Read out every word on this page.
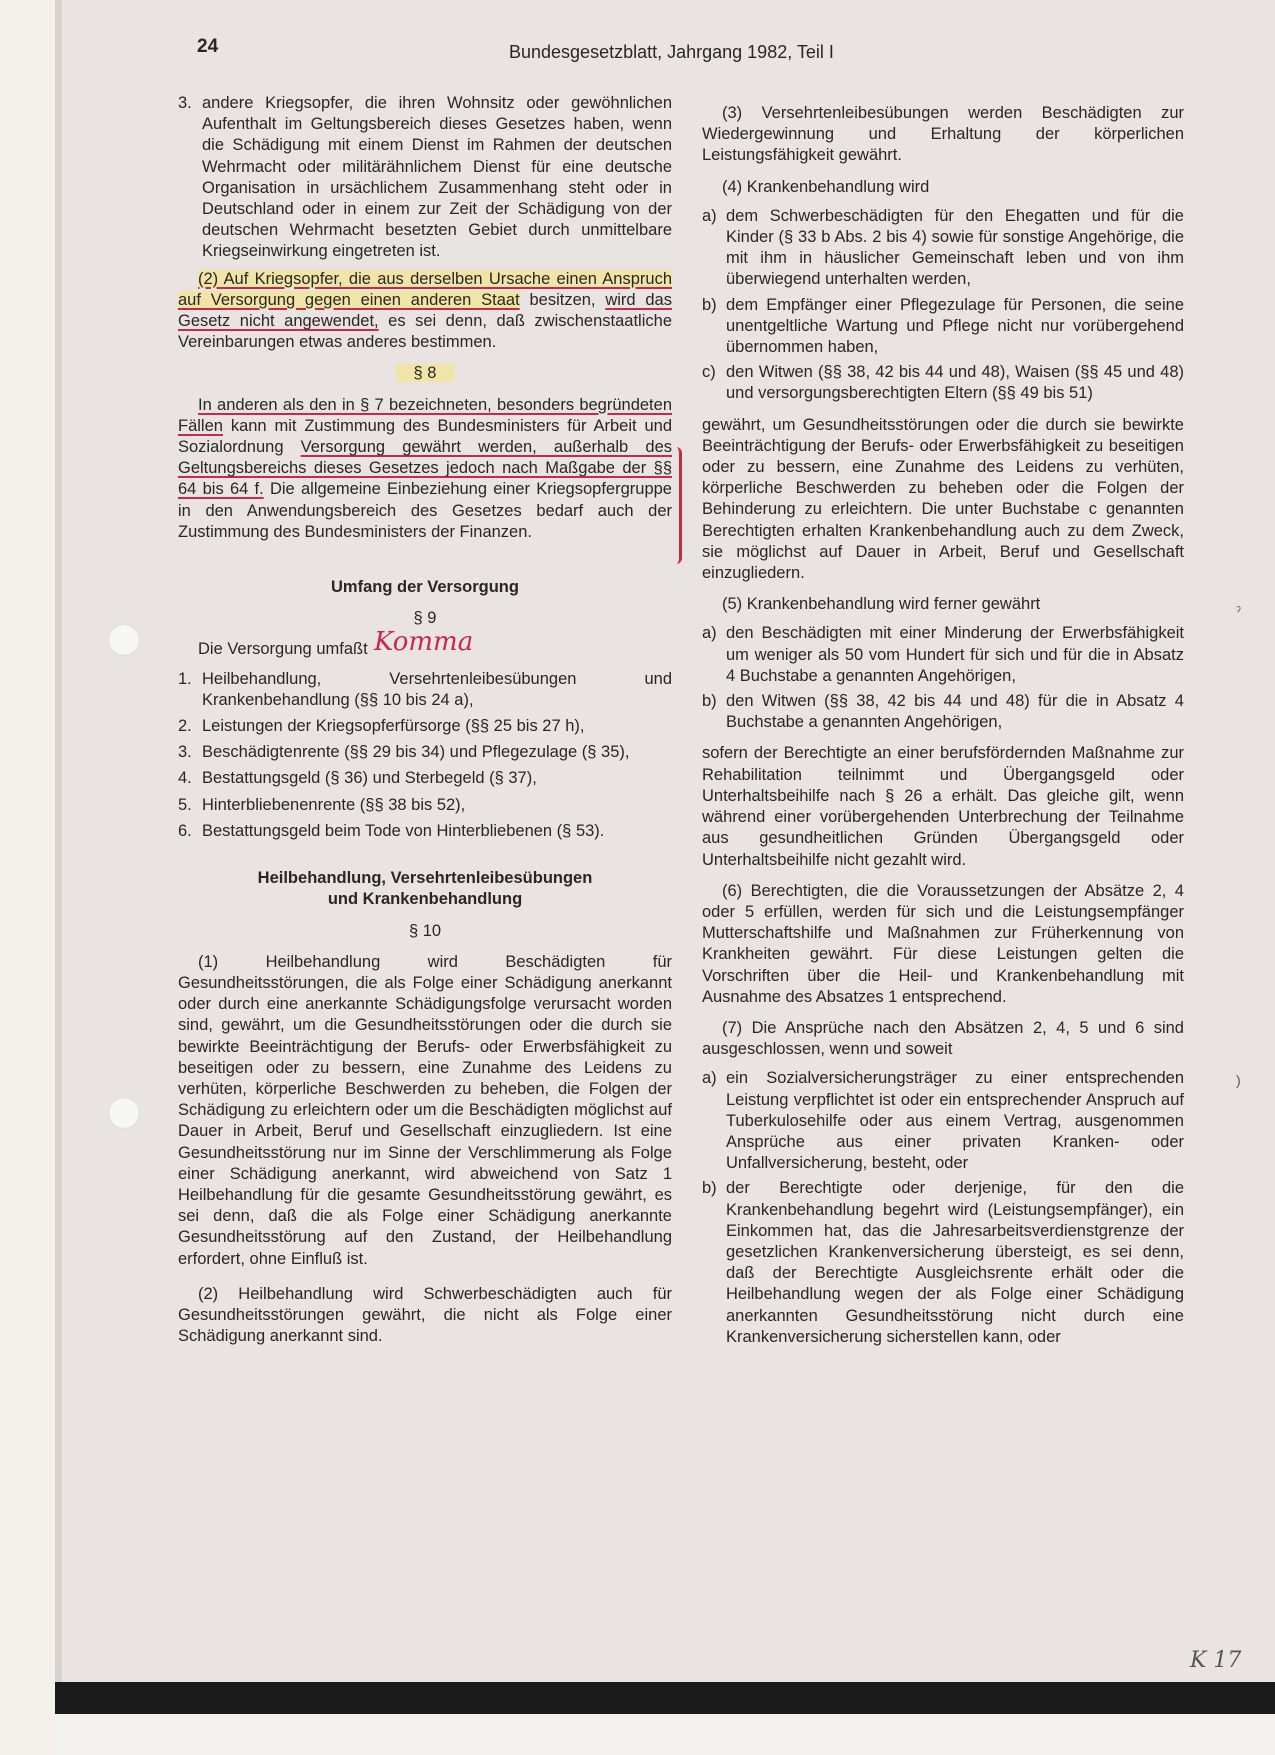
24	Bundesgesetzblatt, Jahrgang 1982, Teil I
3. andere Kriegsopfer, die ihren Wohnsitz oder gewöhnlichen Aufenthalt im Geltungsbereich dieses Gesetzes haben, wenn die Schädigung mit einem Dienst im Rahmen der deutschen Wehrmacht oder militärähnlichem Dienst für eine deutsche Organisation in ursächlichem Zusammenhang steht oder in Deutschland oder in einem zur Zeit der Schädigung von der deutschen Wehrmacht besetzten Gebiet durch unmittelbare Kriegseinwirkung eingetreten ist.

(2) Auf Kriegsopfer, die aus derselben Ursache einen Anspruch auf Versorgung gegen einen anderen Staat besitzen, wird das Gesetz nicht angewendet, es sei denn, daß zwischenstaatliche Vereinbarungen etwas anderes bestimmen.

§ 8

In anderen als den in § 7 bezeichneten, besonders begründeten Fällen kann mit Zustimmung des Bundesministers für Arbeit und Sozialordnung Versorgung gewährt werden, außerhalb des Geltungsbereichs dieses Gesetzes jedoch nach Maßgabe der §§ 64 bis 64 f. Die allgemeine Einbeziehung einer Kriegsopfergruppe in den Anwendungsbereich des Gesetzes bedarf auch der Zustimmung des Bundesministers der Finanzen.

Umfang der Versorgung

§ 9

Die Versorgung umfaßt

1. Heilbehandlung, Versehrtenleibesübungen und Krankenbehandlung (§§ 10 bis 24 a),
2. Leistungen der Kriegsopferfürsorge (§§ 25 bis 27 h),
3. Beschädigtenrente (§§ 29 bis 34) und Pflegezulage (§ 35),
4. Bestattungsgeld (§ 36) und Sterbegeld (§ 37),
5. Hinterbliebenenrente (§§ 38 bis 52),
6. Bestattungsgeld beim Tode von Hinterbliebenen (§ 53).

Heilbehandlung, Versehrtenleibesübungen

und Krankenbehandlung

§ 10

(1) Heilbehandlung wird Beschädigten für Gesundheitsstörungen, die als Folge einer Schädigung anerkannt oder durch eine anerkannte Schädigungsfolge verursacht worden sind, gewährt, um die Gesundheitsstörungen oder die durch sie bewirkte Beeinträchtigung der Berufs- oder Erwerbsfähigkeit zu beseitigen oder zu bessern, eine Zunahme des Leidens zu verhüten, körperliche Beschwerden zu beheben, die Folgen der Schädigung zu erleichtern oder um die Beschädigten möglichst auf Dauer in Arbeit, Beruf und Gesellschaft einzugliedern. Ist eine Gesundheitsstörung nur im Sinne der Verschlimmerung als Folge einer Schädigung anerkannt, wird abweichend von Satz 1 Heilbehandlung für die gesamte Gesundheitsstörung gewährt, es sei denn, daß die als Folge einer Schädigung anerkannte Gesundheitsstörung auf den Zustand, der Heilbehandlung erfordert, ohne Einfluß ist.

(2) Heilbehandlung wird Schwerbeschädigten auch für Gesundheitsstörungen gewährt, die nicht als Folge einer Schädigung anerkannt sind.

Komma

(3) Versehrtenleibesübungen werden Beschädigten zur Wiedergewinnung und Erhaltung der körperlichen Leistungsfähigkeit gewährt.

(4) Krankenbehandlung wird

a) dem Schwerbeschädigten für den Ehegatten und für die Kinder (§ 33 b Abs. 2 bis 4) sowie für sonstige Angehörige, die mit ihm in häuslicher Gemeinschaft leben und von ihm überwiegend unterhalten werden,
b) dem Empfänger einer Pflegezulage für Personen, die seine unentgeltliche Wartung und Pflege nicht nur vorübergehend übernommen haben,
c) den Witwen (§§ 38, 42 bis 44 und 48), Waisen (§§ 45 und 48) und versorgungsberechtigten Eltern (§§ 49 bis 51)

gewährt, um Gesundheitsstörungen oder die durch sie bewirkte Beeinträchtigung der Berufs- oder Erwerbsfähigkeit zu beseitigen oder zu bessern, eine Zunahme des Leidens zu verhüten, körperliche Beschwerden zu beheben oder die Folgen der Behinderung zu erleichtern. Die unter Buchstabe c genannten Berechtigten erhalten Krankenbehandlung auch zu dem Zweck, sie möglichst auf Dauer in Arbeit, Beruf und Gesellschaft einzugliedern.

(5) Krankenbehandlung wird ferner gewährt

a) den Beschädigten mit einer Minderung der Erwerbsfähigkeit um weniger als 50 vom Hundert für sich und für die in Absatz 4 Buchstabe a genannten Angehörigen,
b) den Witwen (§§ 38, 42 bis 44 und 48) für die in Absatz 4 Buchstabe a genannten Angehörigen,

sofern der Berechtigte an einer berufsfördernden Maßnahme zur Rehabilitation teilnimmt und Übergangsgeld oder Unterhaltsbeihilfe nach § 26 a erhält. Das gleiche gilt, wenn während einer vorübergehenden Unterbrechung der Teilnahme aus gesundheitlichen Gründen Übergangsgeld oder Unterhaltsbeihilfe nicht gezahlt wird.

(6) Berechtigten, die die Voraussetzungen der Absätze 2, 4 oder 5 erfüllen, werden für sich und die Leistungsempfänger Mutterschaftshilfe und Maßnahmen zur Früherkennung von Krankheiten gewährt. Für diese Leistungen gelten die Vorschriften über die Heil- und Krankenbehandlung mit Ausnahme des Absatzes 1 entsprechend.

(7) Die Ansprüche nach den Absätzen 2, 4, 5 und 6 sind ausgeschlossen, wenn und soweit

a) ein Sozialversicherungsträger zu einer entsprechenden Leistung verpflichtet ist oder ein entsprechender Anspruch auf Tuberkulosehilfe oder aus einem Vertrag, ausgenommen Ansprüche aus einer privaten Kranken- oder Unfallversicherung, besteht, oder
b) der Berechtigte oder derjenige, für den die Krankenbehandlung begehrt wird (Leistungsempfänger), ein Einkommen hat, das die Jahresarbeitsverdienstgrenze der gesetzlichen Krankenversicherung übersteigt, es sei denn, daß der Berechtigte Ausgleichsrente erhält oder die Heilbehandlung wegen der als Folge einer Schädigung anerkannten Gesundheitsstörung nicht durch eine Krankenversicherung sicherstellen kann, oder
ˀ
)
K 17
